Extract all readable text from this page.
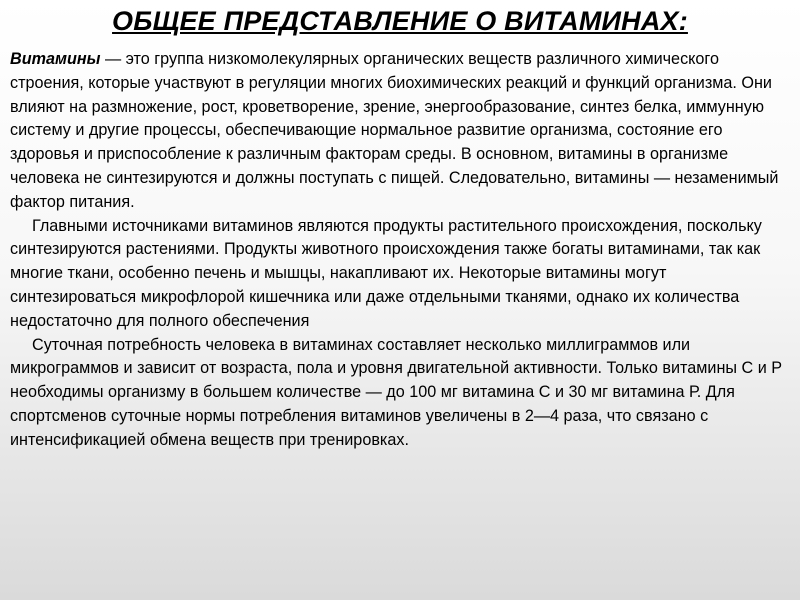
ОБЩЕЕ ПРЕДСТАВЛЕНИЕ О ВИТАМИНАХ:

Витамины — это группа низкомолекулярных органических веществ различного химического строения, которые участвуют в регуляции многих биохимических реакций и функций организма. Они влияют на размножение, рост, кроветворение, зрение, энергообразование, синтез белка, иммунную систему и другие процессы, обеспечивающие нормальное развитие организма, состояние его здоровья и приспособление к различным факторам среды. В основном, витамины в организме человека не синтезируются и должны поступать с пищей. Следовательно, витамины — незаменимый фактор питания.

Главными источниками витаминов являются продукты растительного происхождения, поскольку синтезируются растениями. Продукты животного происхождения также богаты витаминами, так как многие ткани, особенно печень и мышцы, накапливают их. Некоторые витамины могут синтезироваться микрофлорой кишечника или даже отдельными тканями, однако их количества недостаточно для полного обеспечения

Суточная потребность человека в витаминах составляет несколько миллиграммов или микрограммов и зависит от возраста, пола и уровня двигательной активности. Только витамины С и Р необходимы организму в большем количестве — до 100 мг витамина С и 30 мг витамина Р. Для спортсменов суточные нормы потребления витаминов увеличены в 2—4 раза, что связано с интенсификацией обмена веществ при тренировках.
